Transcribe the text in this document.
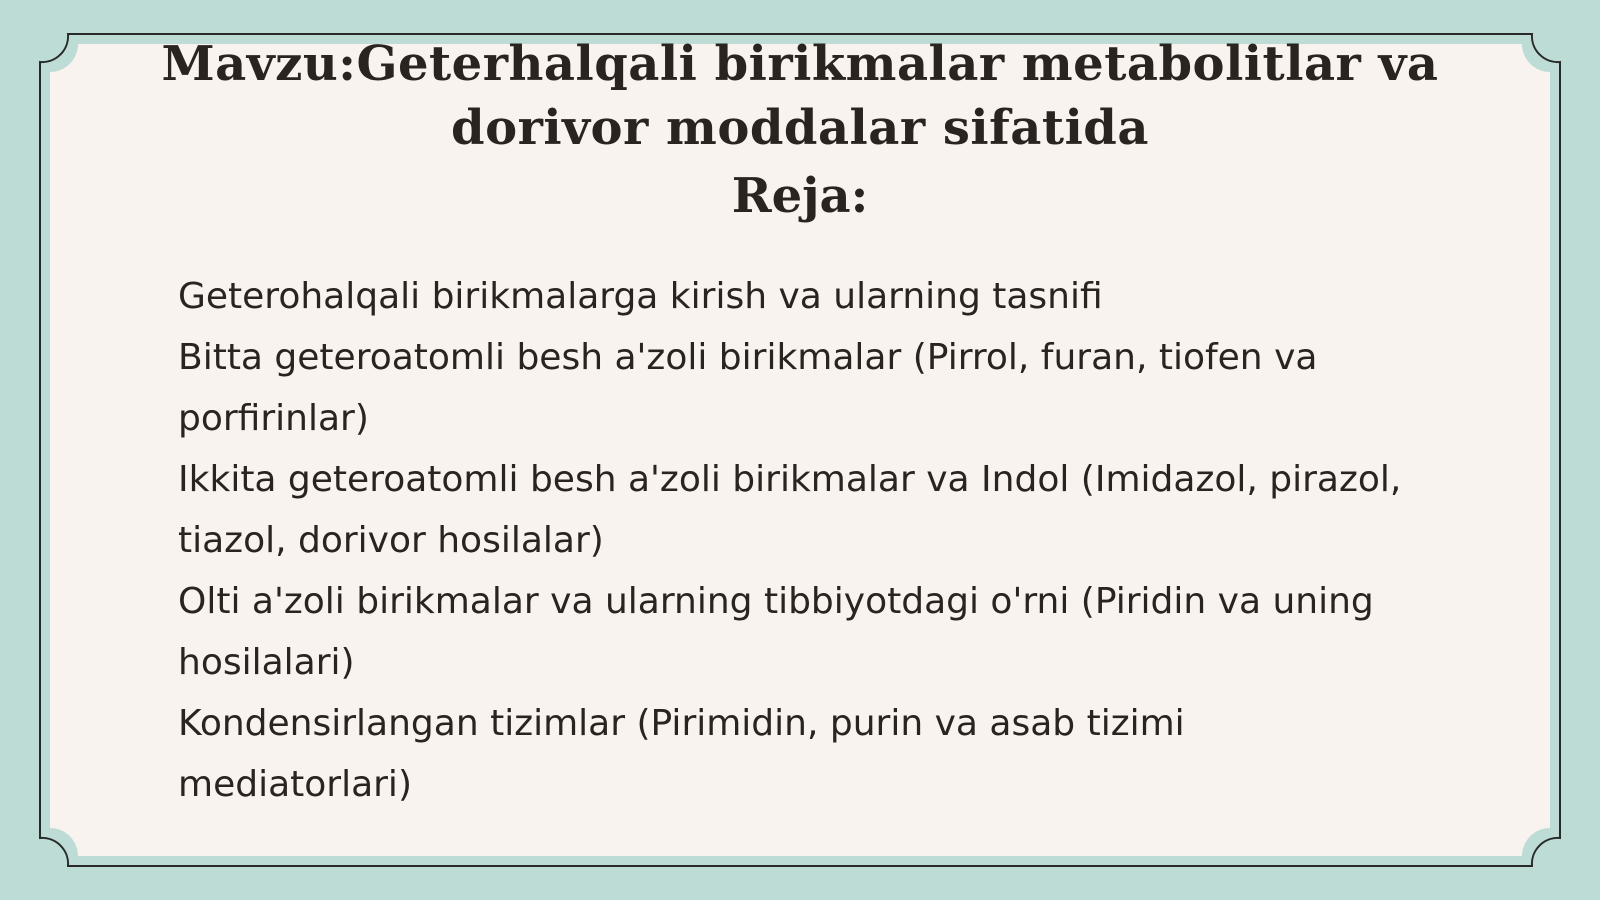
Mavzu:Geterhalqali birikmalar metabolitlar va dorivor moddalar sifatida
Reja:
Geterohalqali birikmalarga kirish va ularning tasnifi
Bitta geteroatomli besh a'zoli birikmalar (Pirrol, furan, tiofen va porfirinlar)
Ikkita geteroatomli besh a'zoli birikmalar va Indol (Imidazol, pirazol, tiazol, dorivor hosilalar)
Olti a'zoli birikmalar va ularning tibbiyotdagi o'rni (Piridin va uning hosilalari)
Kondensirlangan tizimlar (Pirimidin, purin va asab tizimi mediatorlari)
